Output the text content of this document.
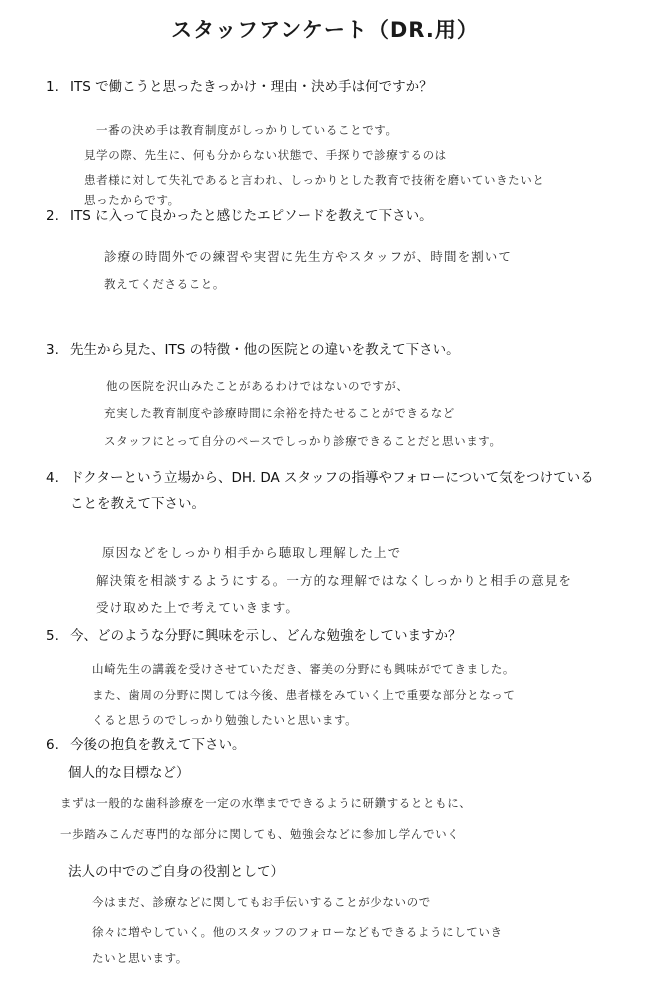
スタッフアンケート（DR.用）
1. ITS で働こうと思ったきっかけ・理由・決め手は何ですか？
一番の決め手は教育制度がしっかりしていることです。
見学の際、先生に、何も分からない状態で、手探りで診療するのは
患者様に対して失礼であると言われ、しっかりとした教育で技術を磨いていきたいと
思ったからです。
2. ITS に入って良かったと感じたエピソードを教えて下さい。
診療の時間外での練習や実習に先生方やスタッフが、時間を割いて
教えてくださること。
3. 先生から見た、ITS の特徴・他の医院との違いを教えて下さい。
他の医院を沢山みたことがあるわけではないのですが、
充実した教育制度や診療時間に余裕を持たせることができるなど
スタッフにとって自分のペースでしっかり診療できることだと思います。
4. ドクターという立場から、DH. DA スタッフの指導やフォローについて気をつけている
ことを教えて下さい。
原因などをしっかり相手から聴取し理解した上で
解決策を相談するようにする。一方的な理解ではなくしっかりと相手の意見を
受け取めた上で考えていきます。
5. 今、どのような分野に興味を示し、どんな勉強をしていますか？
山崎先生の講義を受けさせていただき、審美の分野にも興味がでてきました。
また、歯周の分野に関しては今後、患者様をみていく上で重要な部分となって
くると思うのでしっかり勉強したいと思います。
6. 今後の抱負を教えて下さい。
個人的な目標など）
まずは一般的な歯科診療を一定の水準までできるように研鑽するとともに、
一歩踏みこんだ専門的な部分に関しても、勉強会などに参加し学んでいく
法人の中でのご自身の役割として）
今はまだ、診療などに関してもお手伝いすることが少ないので
徐々に増やしていく。他のスタッフのフォローなどもできるようにしていき
たいと思います。
